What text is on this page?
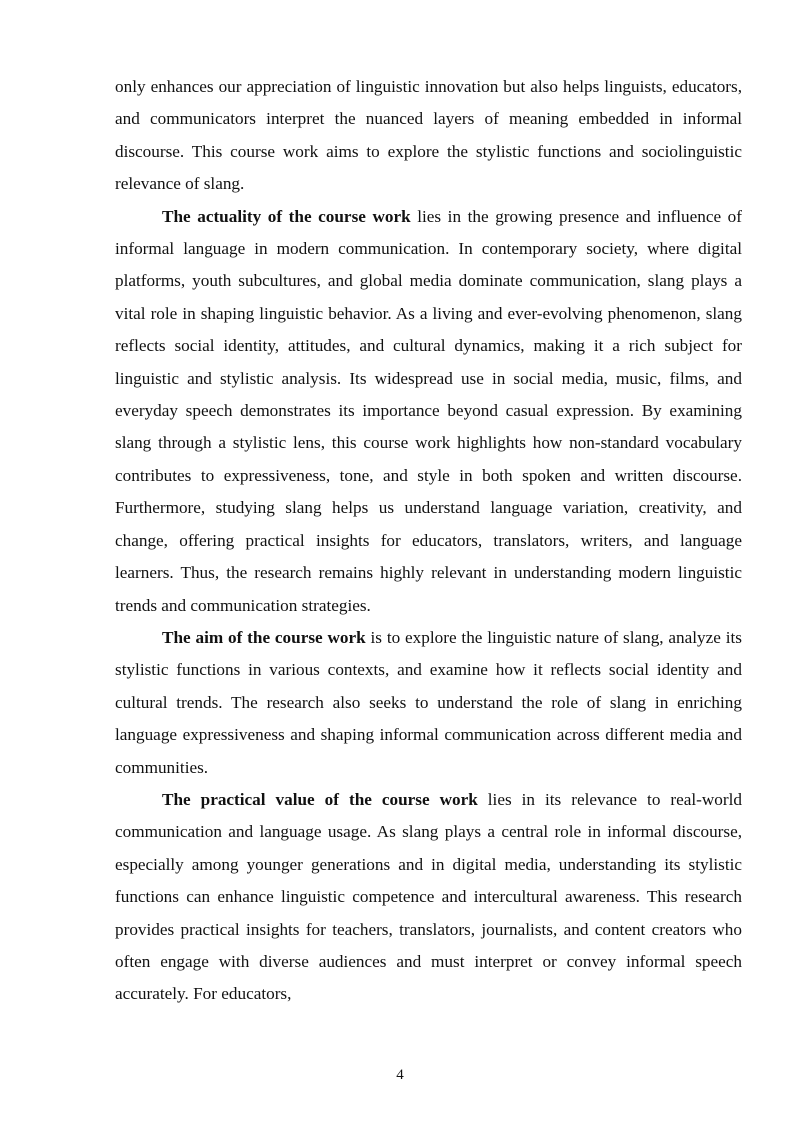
only enhances our appreciation of linguistic innovation but also helps linguists, educators, and communicators interpret the nuanced layers of meaning embedded in informal discourse. This course work aims to explore the stylistic functions and sociolinguistic relevance of slang.

The actuality of the course work lies in the growing presence and influence of informal language in modern communication. In contemporary society, where digital platforms, youth subcultures, and global media dominate communication, slang plays a vital role in shaping linguistic behavior. As a living and ever-evolving phenomenon, slang reflects social identity, attitudes, and cultural dynamics, making it a rich subject for linguistic and stylistic analysis. Its widespread use in social media, music, films, and everyday speech demonstrates its importance beyond casual expression. By examining slang through a stylistic lens, this course work highlights how non-standard vocabulary contributes to expressiveness, tone, and style in both spoken and written discourse. Furthermore, studying slang helps us understand language variation, creativity, and change, offering practical insights for educators, translators, writers, and language learners. Thus, the research remains highly relevant in understanding modern linguistic trends and communication strategies.

The aim of the course work is to explore the linguistic nature of slang, analyze its stylistic functions in various contexts, and examine how it reflects social identity and cultural trends. The research also seeks to understand the role of slang in enriching language expressiveness and shaping informal communication across different media and communities.

The practical value of the course work lies in its relevance to real-world communication and language usage. As slang plays a central role in informal discourse, especially among younger generations and in digital media, understanding its stylistic functions can enhance linguistic competence and intercultural awareness. This research provides practical insights for teachers, translators, journalists, and content creators who often engage with diverse audiences and must interpret or convey informal speech accurately. For educators,

4
